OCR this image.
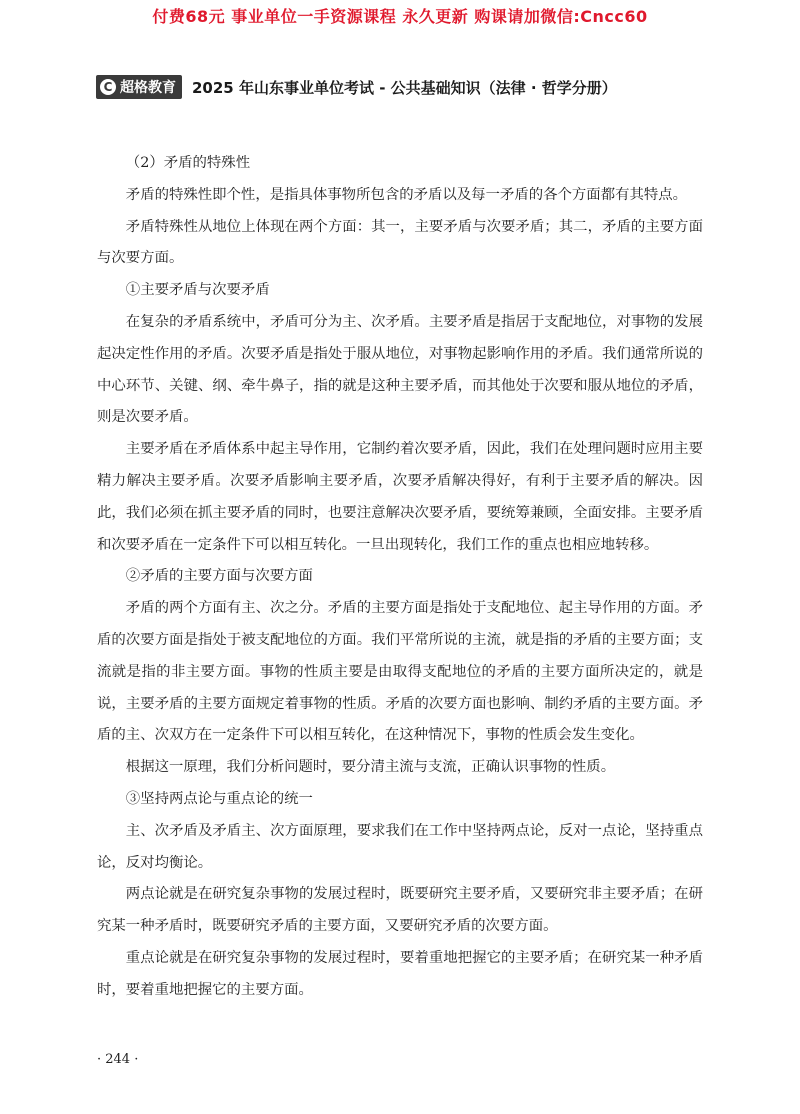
付费68元 事业单位一手资源课程 永久更新 购课请加微信:Cncc60
C 超格教育 2025 年山东事业单位考试 - 公共基础知识（法律 · 哲学分册）

（2）矛盾的特殊性

矛盾的特殊性即个性，是指具体事物所包含的矛盾以及每一矛盾的各个方面都有其特点。

矛盾特殊性从地位上体现在两个方面：其一，主要矛盾与次要矛盾；其二，矛盾的主要方面与次要方面。

①主要矛盾与次要矛盾

在复杂的矛盾系统中，矛盾可分为主、次矛盾。主要矛盾是指居于支配地位，对事物的发展起决定性作用的矛盾。次要矛盾是指处于服从地位，对事物起影响作用的矛盾。我们通常所说的中心环节、关键、纲、牵牛鼻子，指的就是这种主要矛盾，而其他处于次要和服从地位的矛盾，则是次要矛盾。

主要矛盾在矛盾体系中起主导作用，它制约着次要矛盾，因此，我们在处理问题时应用主要精力解决主要矛盾。次要矛盾影响主要矛盾，次要矛盾解决得好，有利于主要矛盾的解决。因此，我们必须在抓主要矛盾的同时，也要注意解决次要矛盾，要统筹兼顾，全面安排。主要矛盾和次要矛盾在一定条件下可以相互转化。一旦出现转化，我们工作的重点也相应地转移。

②矛盾的主要方面与次要方面

矛盾的两个方面有主、次之分。矛盾的主要方面是指处于支配地位、起主导作用的方面。矛盾的次要方面是指处于被支配地位的方面。我们平常所说的主流，就是指的矛盾的主要方面；支流就是指的非主要方面。事物的性质主要是由取得支配地位的矛盾的主要方面所决定的，就是说，主要矛盾的主要方面规定着事物的性质。矛盾的次要方面也影响、制约矛盾的主要方面。矛盾的主、次双方在一定条件下可以相互转化，在这种情况下，事物的性质会发生变化。

根据这一原理，我们分析问题时，要分清主流与支流，正确认识事物的性质。

③坚持两点论与重点论的统一

主、次矛盾及矛盾主、次方面原理，要求我们在工作中坚持两点论，反对一点论，坚持重点论，反对均衡论。

两点论就是在研究复杂事物的发展过程时，既要研究主要矛盾，又要研究非主要矛盾；在研究某一种矛盾时，既要研究矛盾的主要方面，又要研究矛盾的次要方面。

重点论就是在研究复杂事物的发展过程时，要着重地把握它的主要矛盾；在研究某一种矛盾时，要着重地把握它的主要方面。

· 244 ·
